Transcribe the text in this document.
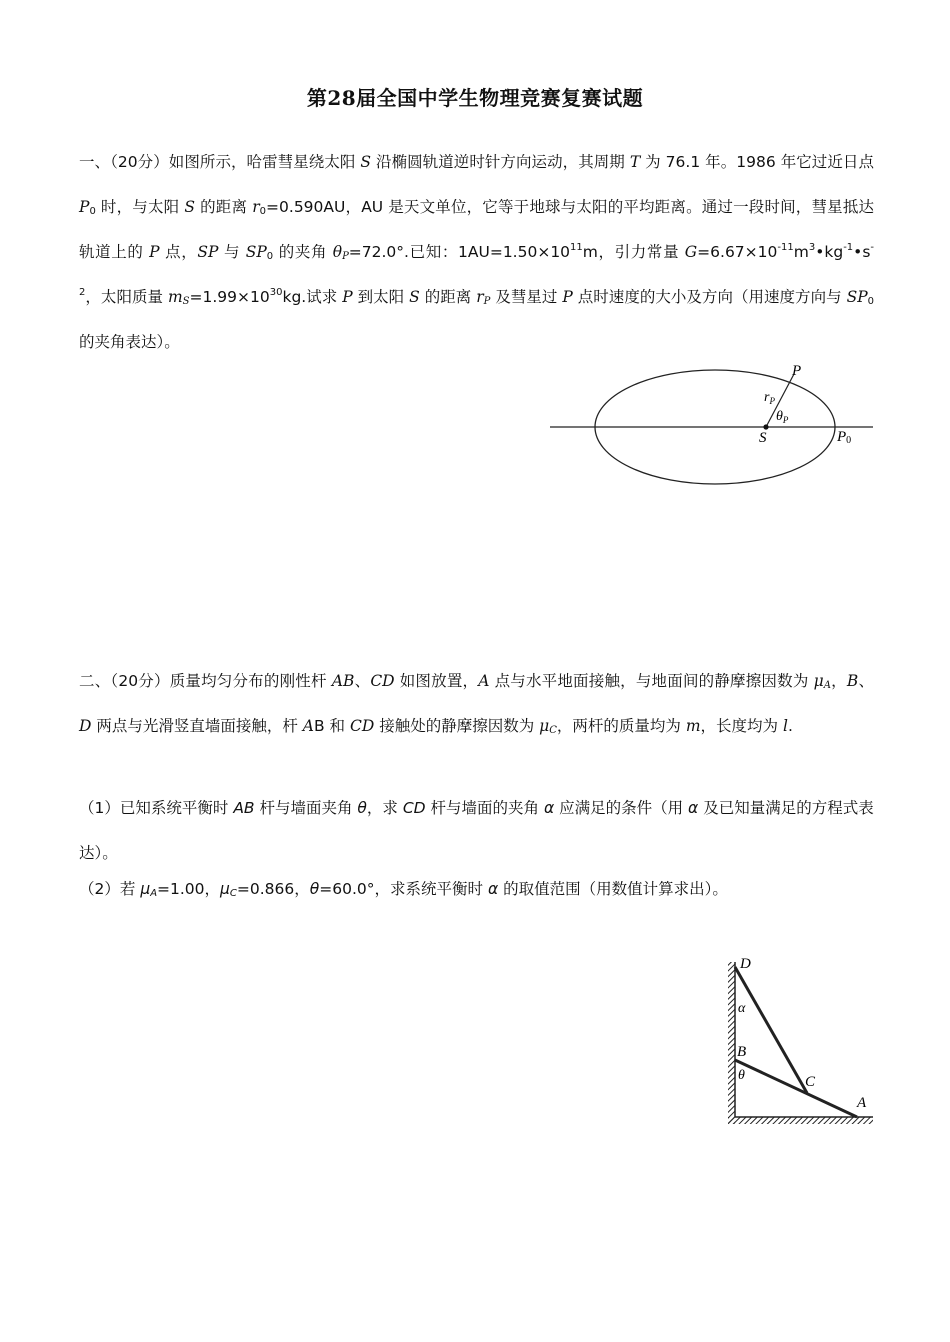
第28届全国中学生物理竞赛复赛试题
一、（20分）如图所示，哈雷彗星绕太阳 S 沿椭圆轨道逆时针方向运动，其周期 T 为 76.1 年。1986 年它过近日点 $P_0$ 时，与太阳 S 的距离 $r_0=0.590AU$，AU 是天文单位，它等于地球与太阳的平均距离。通过一段时间，彗星抵达轨道上的 P 点，SP 与 $SP_0$ 的夹角 $\theta_P=72.0^\circ$.已知：$1AU=1.50\times 10^{11}m$，引力常量 $G=6.67\times 10^{-11}m^3•kg^{-1}•s^{-2}$，太阳质量 $m_S=1.99\times 10^{30}kg$.试求 P 到太阳 S 的距离 $r_P$ 及彗星过 P 点时速度的大小及方向（用速度方向与 $SP_0$ 的夹角表达）。
P
$r_P$
$\theta_P$
S	P0
二、（20分）质量均匀分布的刚性杆 AB、CD 如图放置，A 点与水平地面接触，与地面间的静摩擦因数为 $\mu_A$，B、D 两点与光滑竖直墙面接触，杆 AB 和 CD 接触处的静摩擦因数为 $\mu_C$，两杆的质量均为 m，长度均为 l.
（1）已知系统平衡时 AB 杆与墙面夹角 θ，求 CD 杆与墙面的夹角 α 应满足的条件（用 α 及已知量满足的方程式表达）。
（2）若 $\mu_A=1.00$，$\mu_C=0.866$，θ=60.0°，求系统平衡时 α 的取值范围（用数值计算求出）。
D
α
B
θ	C
A
